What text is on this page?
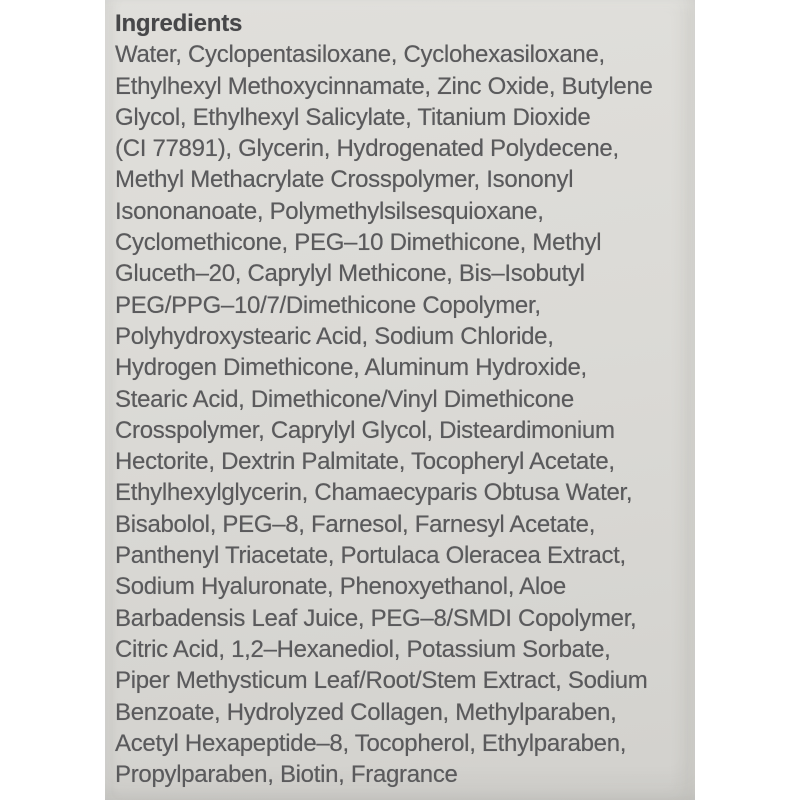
Ingredients
Water, Cyclopentasiloxane, Cyclohexasiloxane,
Ethylhexyl Methoxycinnamate, Zinc Oxide, Butylene
Glycol, Ethylhexyl Salicylate, Titanium Dioxide
(CI 77891), Glycerin, Hydrogenated Polydecene,
Methyl Methacrylate Crosspolymer, Isononyl
Isononanoate, Polymethylsilsesquioxane,
Cyclomethicone, PEG–10 Dimethicone, Methyl
Gluceth–20, Caprylyl Methicone, Bis–Isobutyl
PEG/PPG–10/7/Dimethicone Copolymer,
Polyhydroxystearic Acid, Sodium Chloride,
Hydrogen Dimethicone, Aluminum Hydroxide,
Stearic Acid, Dimethicone/Vinyl Dimethicone
Crosspolymer, Caprylyl Glycol, Disteardimonium
Hectorite, Dextrin Palmitate, Tocopheryl Acetate,
Ethylhexylglycerin, Chamaecyparis Obtusa Water,
Bisabolol, PEG–8, Farnesol, Farnesyl Acetate,
Panthenyl Triacetate, Portulaca Oleracea Extract,
Sodium Hyaluronate, Phenoxyethanol, Aloe
Barbadensis Leaf Juice, PEG–8/SMDI Copolymer,
Citric Acid, 1,2–Hexanediol, Potassium Sorbate,
Piper Methysticum Leaf/Root/Stem Extract, Sodium
Benzoate, Hydrolyzed Collagen, Methylparaben,
Acetyl Hexapeptide–8, Tocopherol, Ethylparaben,
Propylparaben, Biotin, Fragrance
